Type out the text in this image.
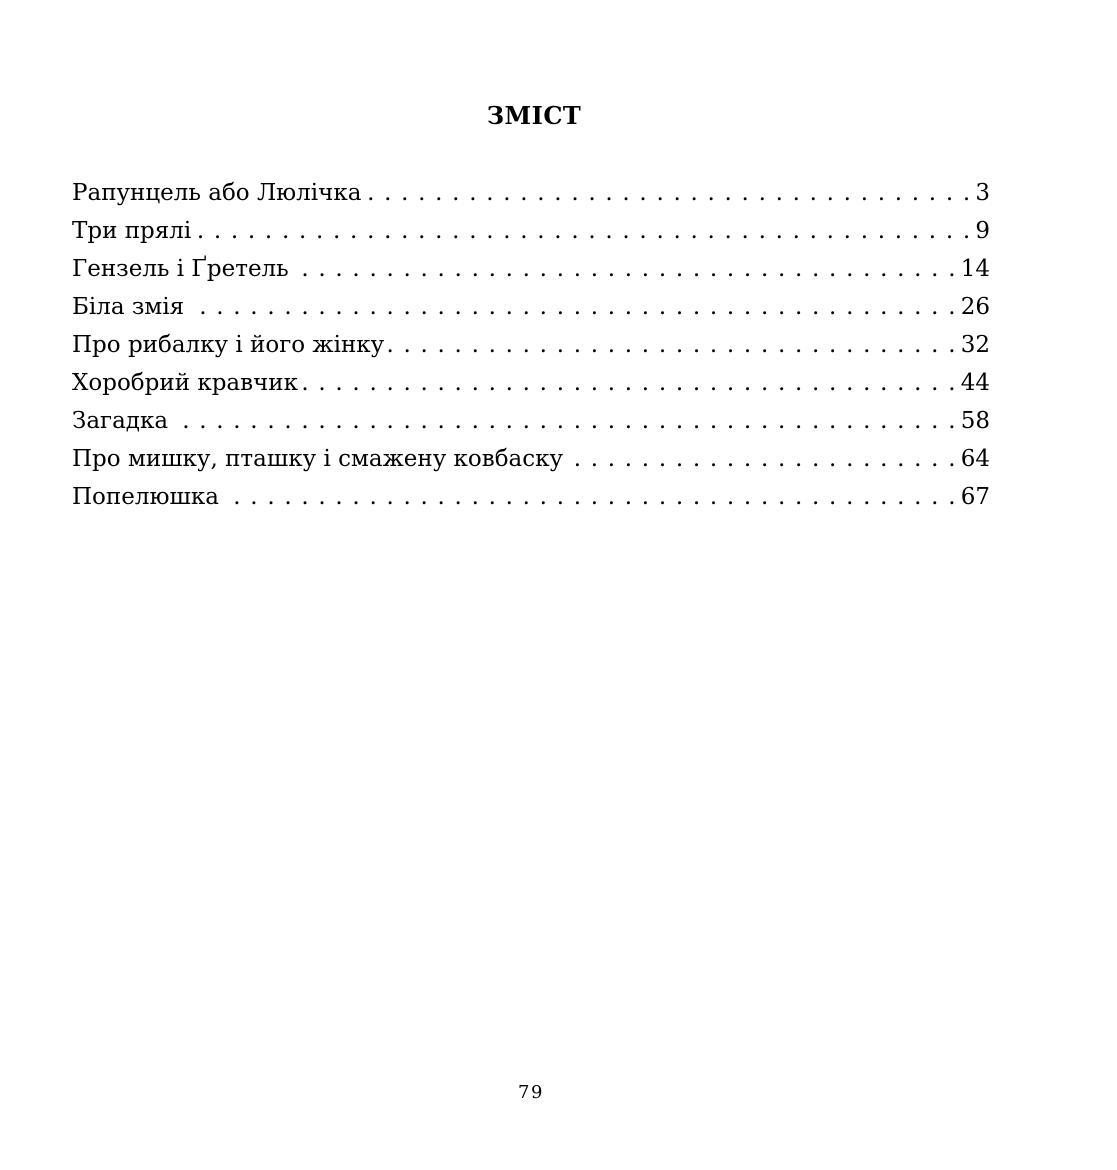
ЗМІСТ
Рапунцель або Люлічка . . .	3
Три прялі . . .	9
Гензель і Ґретель . . .	14
Біла змія . . .	26
Про рибалку і його жінку . . .	32
Хоробрий кравчик . . .	44
Загадка . . .	58
Про мишку, пташку і смажену ковбаску . . .	64
Попелюшка . . .	67

79
